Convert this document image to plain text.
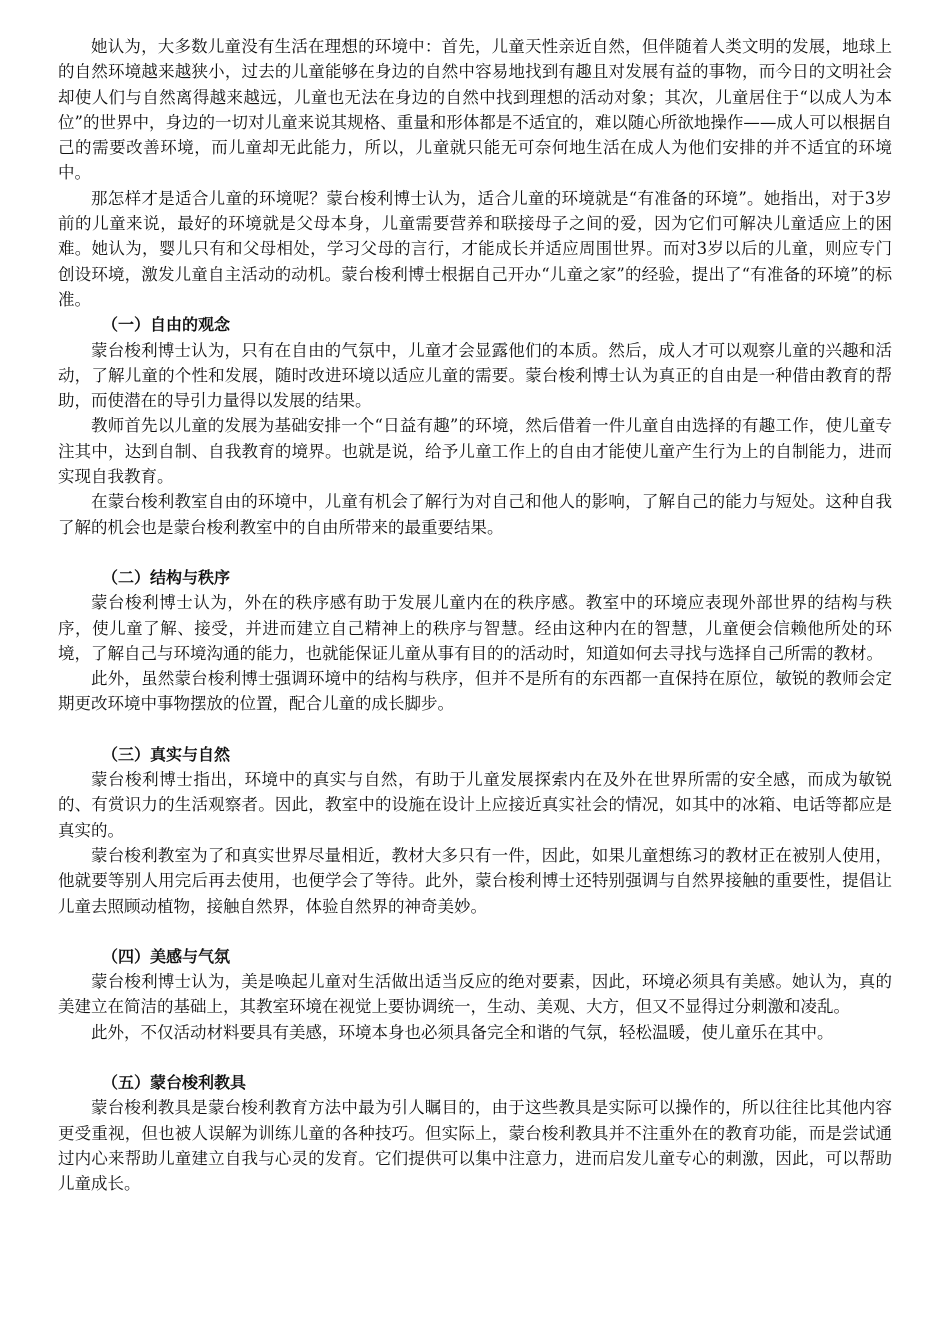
她认为，大多数儿童没有生活在理想的环境中：首先，儿童天性亲近自然，但伴随着人类文明的发展，地球上的自然环境越来越狭小，过去的儿童能够在身边的自然中容易地找到有趣且对发展有益的事物，而今日的文明社会却使人们与自然离得越来越远，儿童也无法在身边的自然中找到理想的活动对象；其次，儿童居住于“以成人为本位”的世界中，身边的一切对儿童来说其规格、重量和形体都是不适宜的，难以随心所欲地操作——成人可以根据自己的需要改善环境，而儿童却无此能力，所以，儿童就只能无可奈何地生活在成人为他们安排的并不适宜的环境中。

那怎样才是适合儿童的环境呢？蒙台梭利博士认为，适合儿童的环境就是“有准备的环境”。她指出，对于3岁前的儿童来说，最好的环境就是父母本身，儿童需要营养和联接母子之间的爱，因为它们可解决儿童适应上的困难。她认为，婴儿只有和父母相处，学习父母的言行，才能成长并适应周围世界。而对3岁以后的儿童，则应专门创设环境，激发儿童自主活动的动机。蒙台梭利博士根据自己开办“儿童之家”的经验，提出了“有准备的环境”的标准。

（一）自由的观念

蒙台梭利博士认为，只有在自由的气氛中，儿童才会显露他们的本质。然后，成人才可以观察儿童的兴趣和活动，了解儿童的个性和发展，随时改进环境以适应儿童的需要。蒙台梭利博士认为真正的自由是一种借由教育的帮助，而使潜在的导引力量得以发展的结果。

教师首先以儿童的发展为基础安排一个“日益有趣”的环境，然后借着一件儿童自由选择的有趣工作，使儿童专注其中，达到自制、自我教育的境界。也就是说，给予儿童工作上的自由才能使儿童产生行为上的自制能力，进而实现自我教育。

在蒙台梭利教室自由的环境中，儿童有机会了解行为对自己和他人的影响，了解自己的能力与短处。这种自我了解的机会也是蒙台梭利教室中的自由所带来的最重要结果。

（二）结构与秩序

蒙台梭利博士认为，外在的秩序感有助于发展儿童内在的秩序感。教室中的环境应表现外部世界的结构与秩序，使儿童了解、接受，并进而建立自己精神上的秩序与智慧。经由这种内在的智慧，儿童便会信赖他所处的环境，了解自己与环境沟通的能力，也就能保证儿童从事有目的的活动时，知道如何去寻找与选择自己所需的教材。

此外，虽然蒙台梭利博士强调环境中的结构与秩序，但并不是所有的东西都一直保持在原位，敏锐的教师会定期更改环境中事物摆放的位置，配合儿童的成长脚步。

（三）真实与自然

蒙台梭利博士指出，环境中的真实与自然，有助于儿童发展探索内在及外在世界所需的安全感，而成为敏锐的、有赏识力的生活观察者。因此，教室中的设施在设计上应接近真实社会的情况，如其中的冰箱、电话等都应是真实的。

蒙台梭利教室为了和真实世界尽量相近，教材大多只有一件，因此，如果儿童想练习的教材正在被别人使用，他就要等别人用完后再去使用，也便学会了等待。此外，蒙台梭利博士还特别强调与自然界接触的重要性，提倡让儿童去照顾动植物，接触自然界，体验自然界的神奇美妙。

（四）美感与气氛

蒙台梭利博士认为，美是唤起儿童对生活做出适当反应的绝对要素，因此，环境必须具有美感。她认为，真的美建立在简洁的基础上，其教室环境在视觉上要协调统一，生动、美观、大方，但又不显得过分刺激和凌乱。

此外，不仅活动材料要具有美感，环境本身也必须具备完全和谐的气氛，轻松温暖，使儿童乐在其中。

（五）蒙台梭利教具

蒙台梭利教具是蒙台梭利教育方法中最为引人瞩目的，由于这些教具是实际可以操作的，所以往往比其他内容更受重视，但也被人误解为训练儿童的各种技巧。但实际上，蒙台梭利教具并不注重外在的教育功能，而是尝试通过内心来帮助儿童建立自我与心灵的发育。它们提供可以集中注意力，进而启发儿童专心的刺激，因此，可以帮助儿童成长。
